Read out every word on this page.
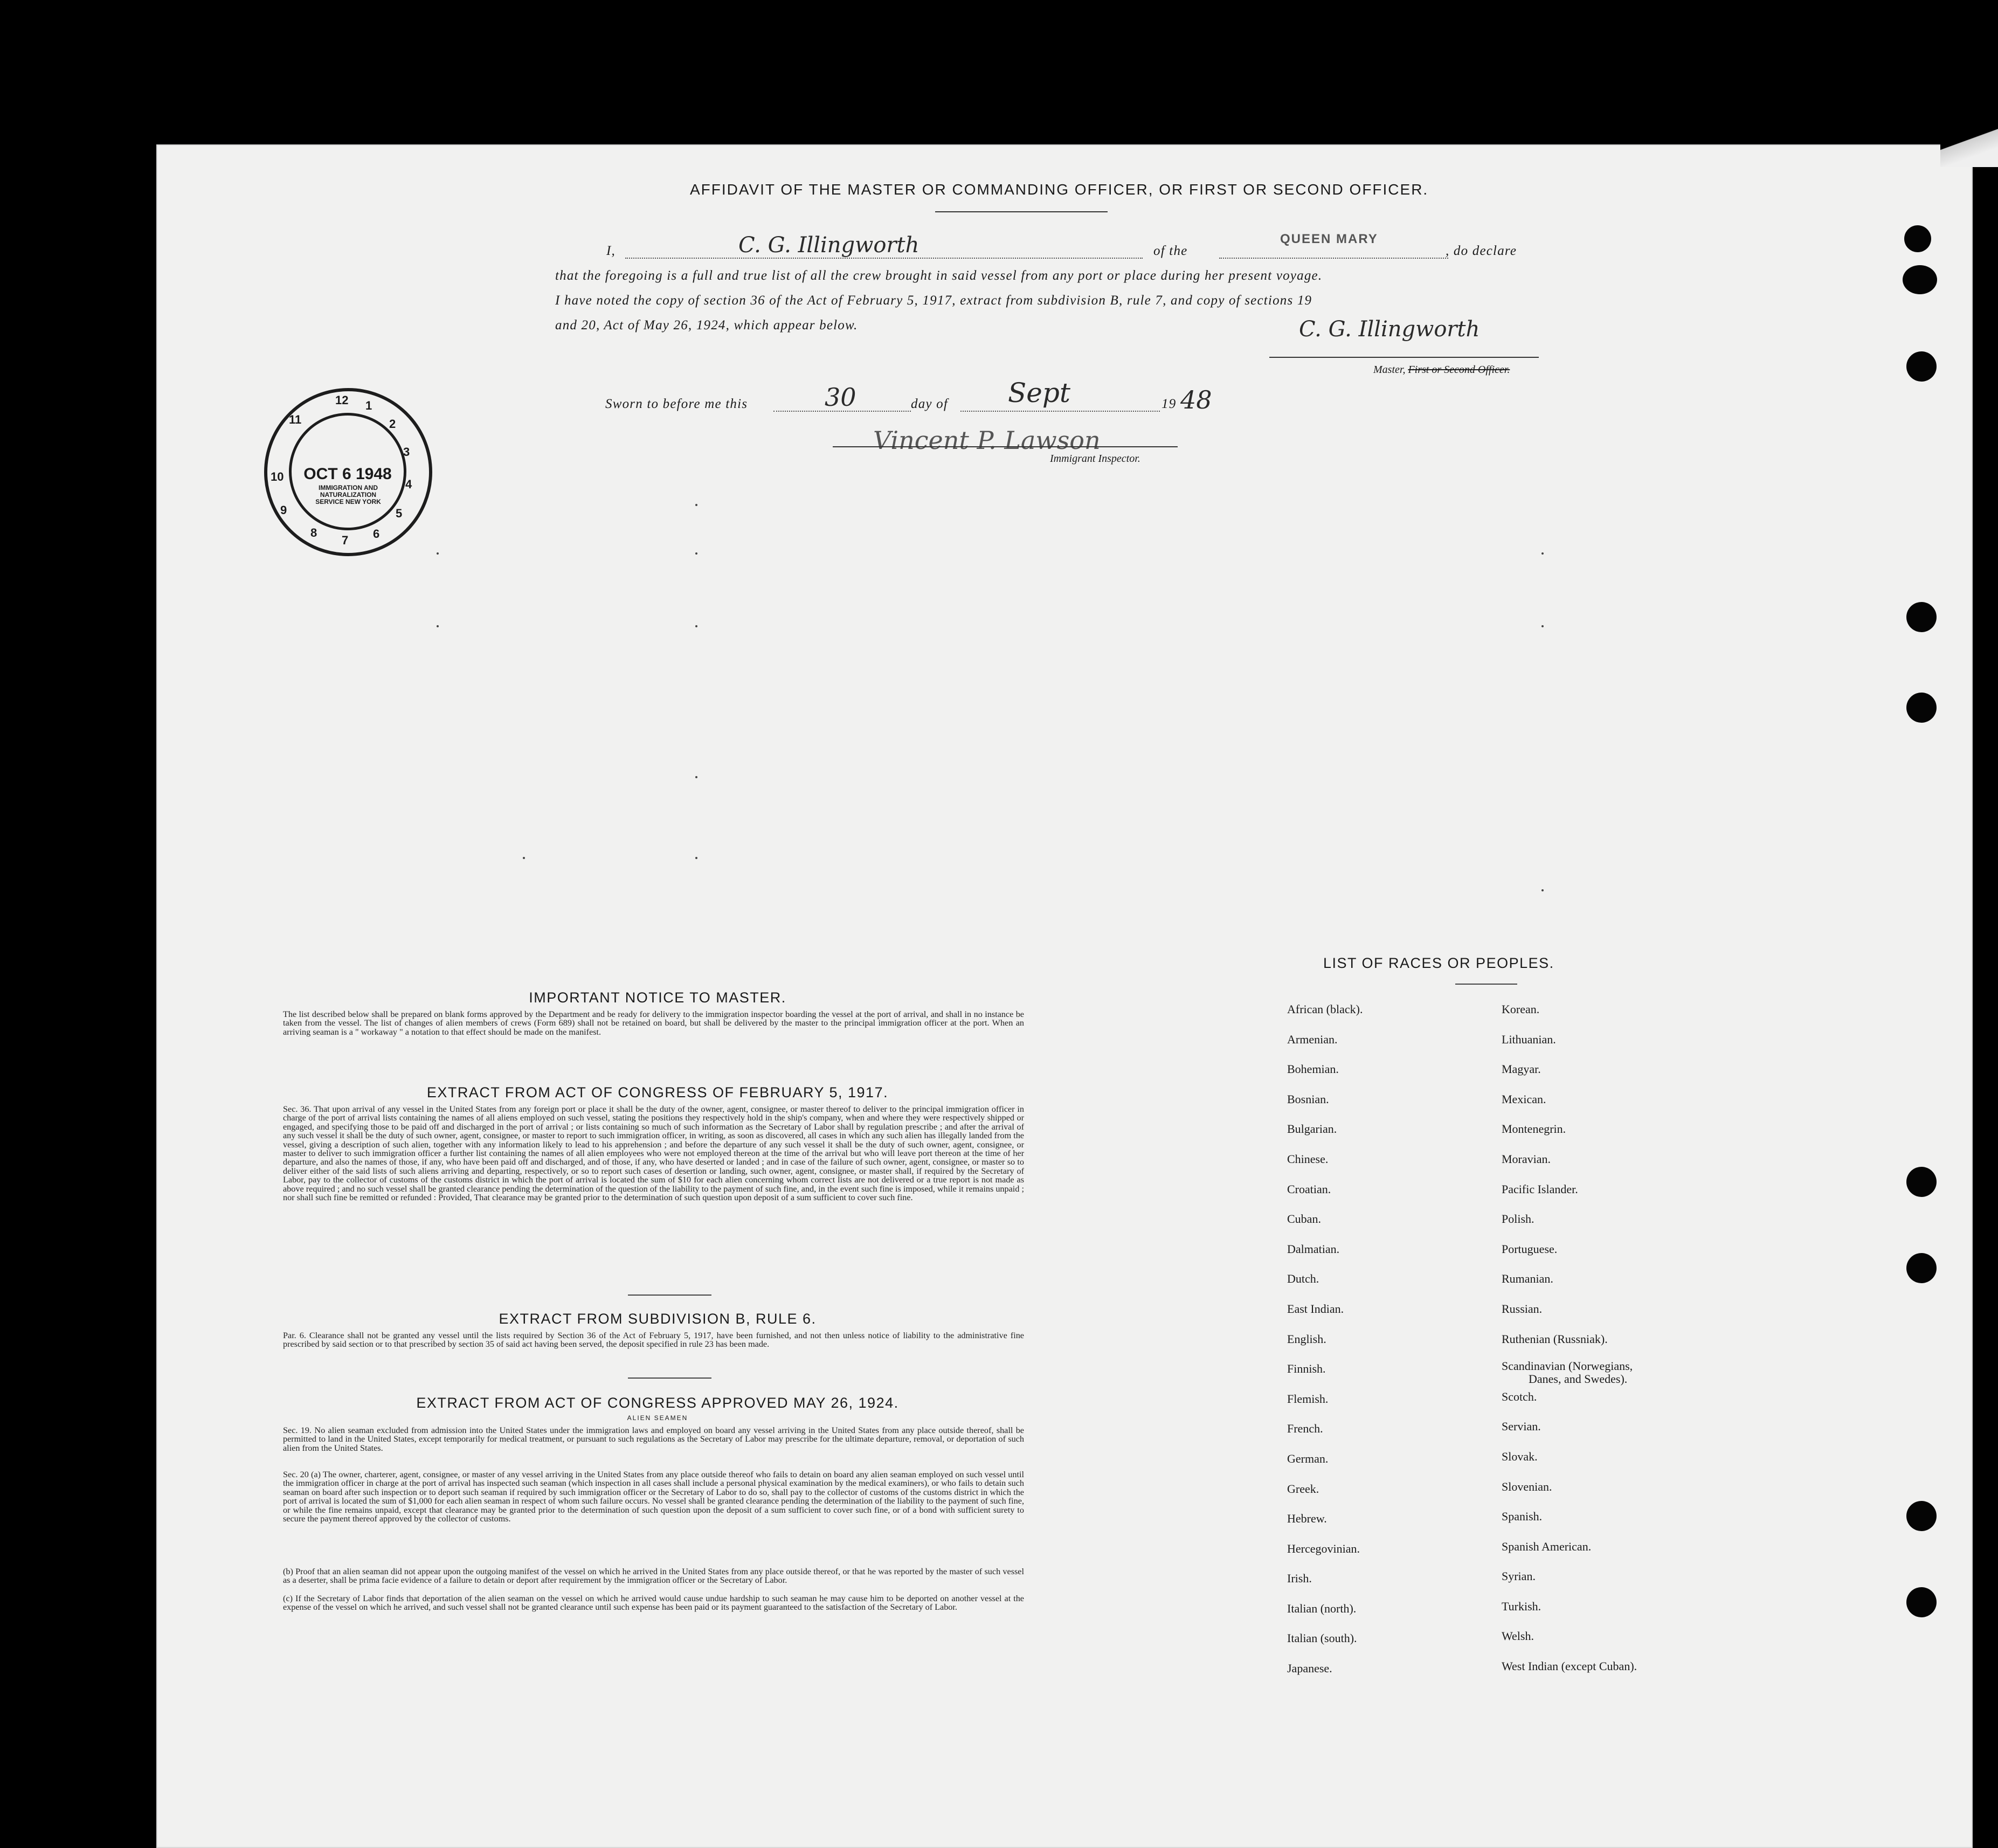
AFFIDAVIT OF THE MASTER OR COMMANDING OFFICER, OR FIRST OR SECOND OFFICER.
I,	C. G. Illingworth	of the
QUEEN MARY
, do declare
that the foregoing is a full and true list of all the crew brought in said vessel from any port or place during her present voyage.
I have noted the copy of section 36 of the Act of February 5, 1917, extract from subdivision B, rule 7, and copy of sections 19
and 20, Act of May 26, 1924, which appear below.	C. G. Illingworth
Master, First or Second Officer.
Sworn to before me this	30	day of Sept	19 48
Vincent P. Lawson
Immigrant Inspector.
OCT 6 1948
IMMIGRATION AND NATURALIZATION SERVICE NEW YORK
12 1
2
3
4
5
6
7
8
9
10
11
IMPORTANT NOTICE TO MASTER.
The list described below shall be prepared on blank forms approved by the Department and be ready for delivery to the immigration inspector boarding the vessel at the port of arrival, and shall in no instance be taken from the vessel. The list of changes of alien members of crews (Form 689) shall not be retained on board, but shall be delivered by the master to the principal immigration officer at the port. When an arriving seaman is a " workaway " a notation to that effect should be made on the manifest.
EXTRACT FROM ACT OF CONGRESS OF FEBRUARY 5, 1917.
Sec. 36. That upon arrival of any vessel in the United States from any foreign port or place it shall be the duty of the owner, agent, consignee, or master thereof to deliver to the principal immigration officer in charge of the port of arrival lists containing the names of all aliens employed on such vessel, stating the positions they respectively hold in the ship's company, when and where they were respectively shipped or engaged, and specifying those to be paid off and discharged in the port of arrival ; or lists containing so much of such information as the Secretary of Labor shall by regulation prescribe ; and after the arrival of any such vessel it shall be the duty of such owner, agent, consignee, or master to report to such immigration officer, in writing, as soon as discovered, all cases in which any such alien has illegally landed from the vessel, giving a description of such alien, together with any information likely to lead to his apprehension ; and before the departure of any such vessel it shall be the duty of such owner, agent, consignee, or master to deliver to such immigration officer a further list containing the names of all alien employees who were not employed thereon at the time of the arrival but who will leave port thereon at the time of her departure, and also the names of those, if any, who have been paid off and discharged, and of those, if any, who have deserted or landed ; and in case of the failure of such owner, agent, consignee, or master so to deliver either of the said lists of such aliens arriving and departing, respectively, or so to report such cases of desertion or landing, such owner, agent, consignee, or master shall, if required by the Secretary of Labor, pay to the collector of customs of the customs district in which the port of arrival is located the sum of $10 for each alien concerning whom correct lists are not delivered or a true report is not made as above required ; and no such vessel shall be granted clearance pending the determination of the question of the liability to the payment of such fine, and, in the event such fine is imposed, while it remains unpaid ; nor shall such fine be remitted or refunded : Provided, That clearance may be granted prior to the determination of such question upon deposit of a sum sufficient to cover such fine.
EXTRACT FROM SUBDIVISION B, RULE 6.
Par. 6. Clearance shall not be granted any vessel until the lists required by Section 36 of the Act of February 5, 1917, have been furnished, and not then unless notice of liability to the administrative fine prescribed by said section or to that prescribed by section 35 of said act having been served, the deposit specified in rule 23 has been made.
EXTRACT FROM ACT OF CONGRESS APPROVED MAY 26, 1924.
ALIEN SEAMEN
Sec. 19. No alien seaman excluded from admission into the United States under the immigration laws and employed on board any vessel arriving in the United States from any place outside thereof, shall be permitted to land in the United States, except temporarily for medical treatment, or pursuant to such regulations as the Secretary of Labor may prescribe for the ultimate departure, removal, or deportation of such alien from the United States.
Sec. 20 (a) The owner, charterer, agent, consignee, or master of any vessel arriving in the United States from any place outside thereof who fails to detain on board any alien seaman employed on such vessel until the immigration officer in charge at the port of arrival has inspected such seaman (which inspection in all cases shall include a personal physical examination by the medical examiners), or who fails to detain such seaman on board after such inspection or to deport such seaman if required by such immigration officer or the Secretary of Labor to do so, shall pay to the collector of customs of the customs district in which the port of arrival is located the sum of $1,000 for each alien seaman in respect of whom such failure occurs. No vessel shall be granted clearance pending the determination of the liability to the payment of such fine, or while the fine remains unpaid, except that clearance may be granted prior to the determination of such question upon the deposit of a sum sufficient to cover such fine, or of a bond with sufficient surety to secure the payment thereof approved by the collector of customs.
(b) Proof that an alien seaman did not appear upon the outgoing manifest of the vessel on which he arrived in the United States from any place outside thereof, or that he was reported by the master of such vessel as a deserter, shall be prima facie evidence of a failure to detain or deport after requirement by the immigration officer or the Secretary of Labor.
(c) If the Secretary of Labor finds that deportation of the alien seaman on the vessel on which he arrived would cause undue hardship to such seaman he may cause him to be deported on another vessel at the expense of the vessel on which he arrived, and such vessel shall not be granted clearance until such expense has been paid or its payment guaranteed to the satisfaction of the Secretary of Labor.
LIST OF RACES OR PEOPLES.
African (black).
Armenian.
Bohemian.
Bosnian.
Bulgarian.
Chinese.
Croatian.
Cuban.
Dalmatian.
Dutch.
East Indian.
English.
Finnish.
Flemish.
French.
German.
Greek.
Hebrew.
Hercegovinian.
Irish.
Italian (north).
Italian (south).
Japanese.
Korean.
Lithuanian.
Magyar.
Mexican.
Montenegrin.
Moravian.
Pacific Islander.
Polish.
Portuguese.
Rumanian.
Russian.
Ruthenian (Russniak).
Scandinavian (Norwegians,
Danes, and Swedes).
Scotch.
Servian.
Slovak.
Slovenian.
Spanish.
Spanish American.
Syrian.
Turkish.
Welsh.
West Indian (except Cuban).
